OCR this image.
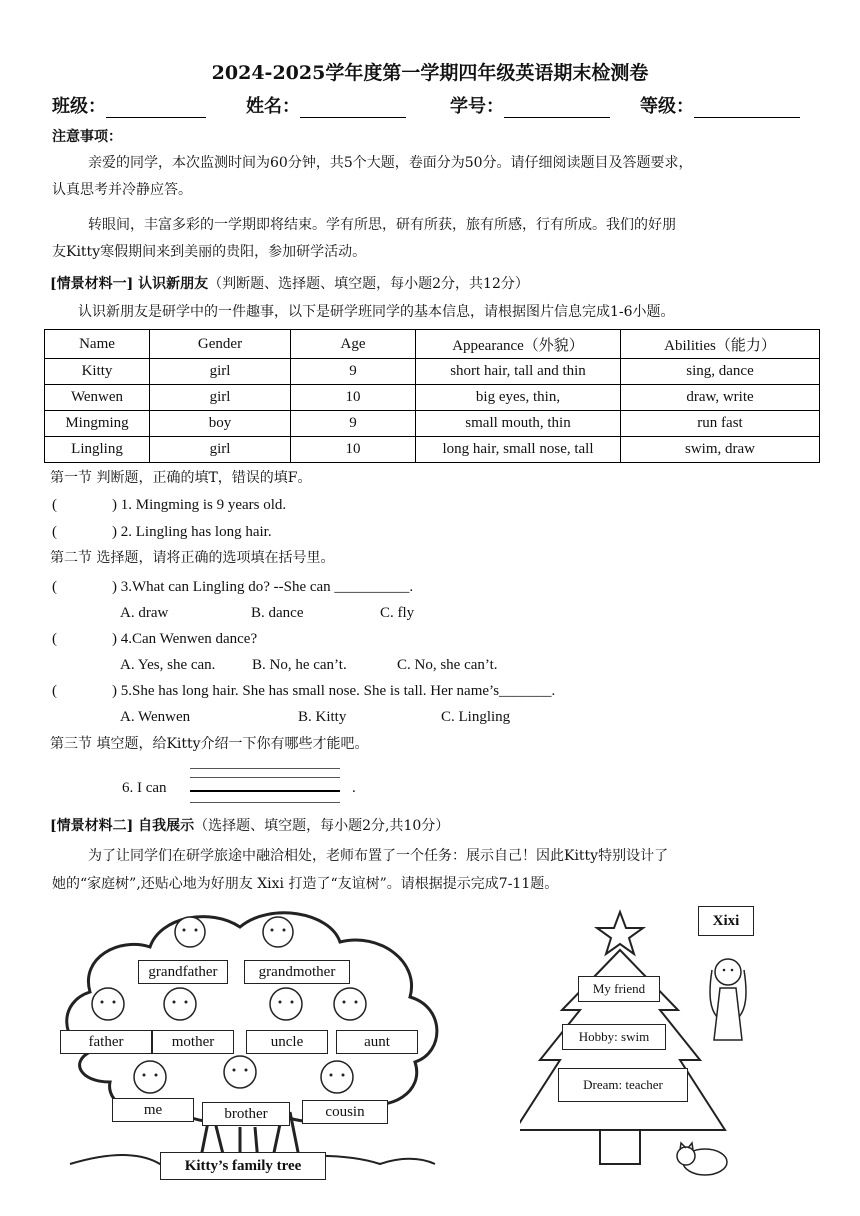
2024-2025学年度第一学期四年级英语期末检测卷
班级：	姓名：	学号：	等级：
注意事项：
亲爱的同学，本次监测时间为60分钟，共5个大题，卷面分为50分。请仔细阅读题目及答题要求，
认真思考并冷静应答。
转眼间，丰富多彩的一学期即将结束。学有所思，研有所获，旅有所感，行有所成。我们的好朋
友Kitty寒假期间来到美丽的贵阳，参加研学活动。
[情景材料一] 认识新朋友（判断题、选择题、填空题，每小题2分，共12分）
认识新朋友是研学中的一件趣事，以下是研学班同学的基本信息，请根据图片信息完成1-6小题。
Name	Gender	Age	Appearance（外貌）	Abilities（能力）
Kitty	girl	9	short hair, tall and thin	sing, dance
Wenwen	girl	10	big eyes, thin,	draw, write
Mingming	boy	9	small mouth, thin	run fast
Lingling	girl	10	long hair, small nose, tall	swim, draw
第一节 判断题，正确的填T，错误的填F。
(	) 1. Mingming is 9 years old.
(	) 2. Lingling has long hair.
第二节 选择题，请将正确的选项填在括号里。
(	) 3.What can Lingling do? --She can __________.
A. draw	B. dance	C. fly
(	) 4.Can Wenwen dance?
A. Yes, she can. B. No, he can’t.	C. No, she can’t.
(	) 5.She has long hair. She has small nose. She is tall. Her name’s_______.
A. Wenwen	B. Kitty	C. Lingling
第三节 填空题，给Kitty介绍一下你有哪些才能吧。
6. I can	.
[情景材料二] 自我展示（选择题、填空题，每小题2分,共10分）
为了让同学们在研学旅途中融洽相处，老师布置了一个任务：展示自己！因此Kitty特别设计了
她的“家庭树”,还贴心地为好朋友 Xixi 打造了“友谊树”。请根据提示完成7-11题。
grandfather	grandmother
father	mother	uncle	aunt
me	brother	cousin
Kitty’s family tree
Xixi
My friend
Hobby: swim
Dream: teacher
